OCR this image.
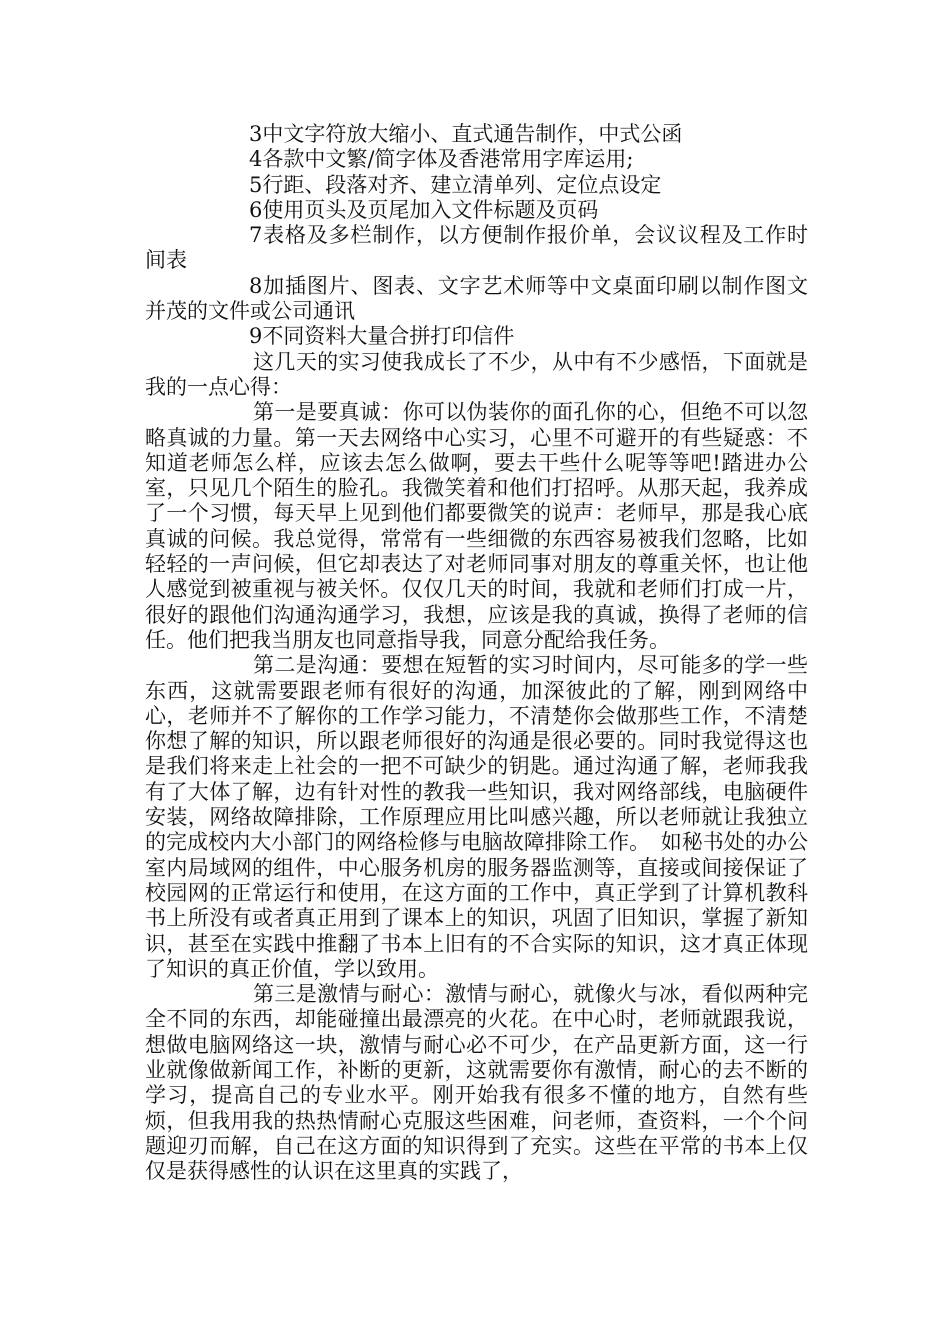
3中文字符放大缩小、直式通告制作，中式公函

4各款中文繁/简字体及香港常用字库运用;

5行距、段落对齐、建立清单列、定位点设定

6使用页头及页尾加入文件标题及页码

7表格及多栏制作，以方便制作报价单，会议议程及工作时间表

8加插图片、图表、文字艺术师等中文桌面印刷以制作图文并茂的文件或公司通讯

9不同资料大量合拼打印信件

这几天的实习使我成长了不少，从中有不少感悟，下面就是我的一点心得：

第一是要真诚：你可以伪装你的面孔你的心，但绝不可以忽略真诚的力量。第一天去网络中心实习，心里不可避开的有些疑惑：不知道老师怎么样，应该去怎么做啊，要去干些什么呢等等吧!踏进办公室，只见几个陌生的脸孔。我微笑着和他们打招呼。从那天起，我养成了一个习惯，每天早上见到他们都要微笑的说声：老师早，那是我心底真诚的问候。我总觉得，常常有一些细微的东西容易被我们忽略，比如轻轻的一声问候，但它却表达了对老师同事对朋友的尊重关怀，也让他人感觉到被重视与被关怀。仅仅几天的时间，我就和老师们打成一片，很好的跟他们沟通沟通学习，我想，应该是我的真诚，换得了老师的信任。他们把我当朋友也同意指导我，同意分配给我任务。

第二是沟通：要想在短暂的实习时间内，尽可能多的学一些东西，这就需要跟老师有很好的沟通，加深彼此的了解，刚到网络中心，老师并不了解你的工作学习能力，不清楚你会做那些工作，不清楚你想了解的知识，所以跟老师很好的沟通是很必要的。同时我觉得这也是我们将来走上社会的一把不可缺少的钥匙。通过沟通了解，老师我我有了大体了解，边有针对性的教我一些知识，我对网络部线，电脑硬件安装，网络故障排除，工作原理应用比叫感兴趣，所以老师就让我独立的完成校内大小部门的网络检修与电脑故障排除工作。　如秘书处的办公室内局域网的组件，中心服务机房的服务器监测等，直接或间接保证了校园网的正常运行和使用，在这方面的工作中，真正学到了计算机教科书上所没有或者真正用到了课本上的知识，巩固了旧知识，掌握了新知识，甚至在实践中推翻了书本上旧有的不合实际的知识，这才真正体现了知识的真正价值，学以致用。

第三是激情与耐心：激情与耐心，就像火与冰，看似两种完全不同的东西，却能碰撞出最漂亮的火花。在中心时，老师就跟我说，想做电脑网络这一块，激情与耐心必不可少，在产品更新方面，这一行业就像做新闻工作，补断的更新，这就需要你有激情，耐心的去不断的学习，提高自己的专业水平。刚开始我有很多不懂的地方，自然有些烦，但我用我的热热情耐心克服这些困难，问老师，查资料，一个个问题迎刃而解，自己在这方面的知识得到了充实。这些在平常的书本上仅仅是获得感性的认识在这里真的实践了，
